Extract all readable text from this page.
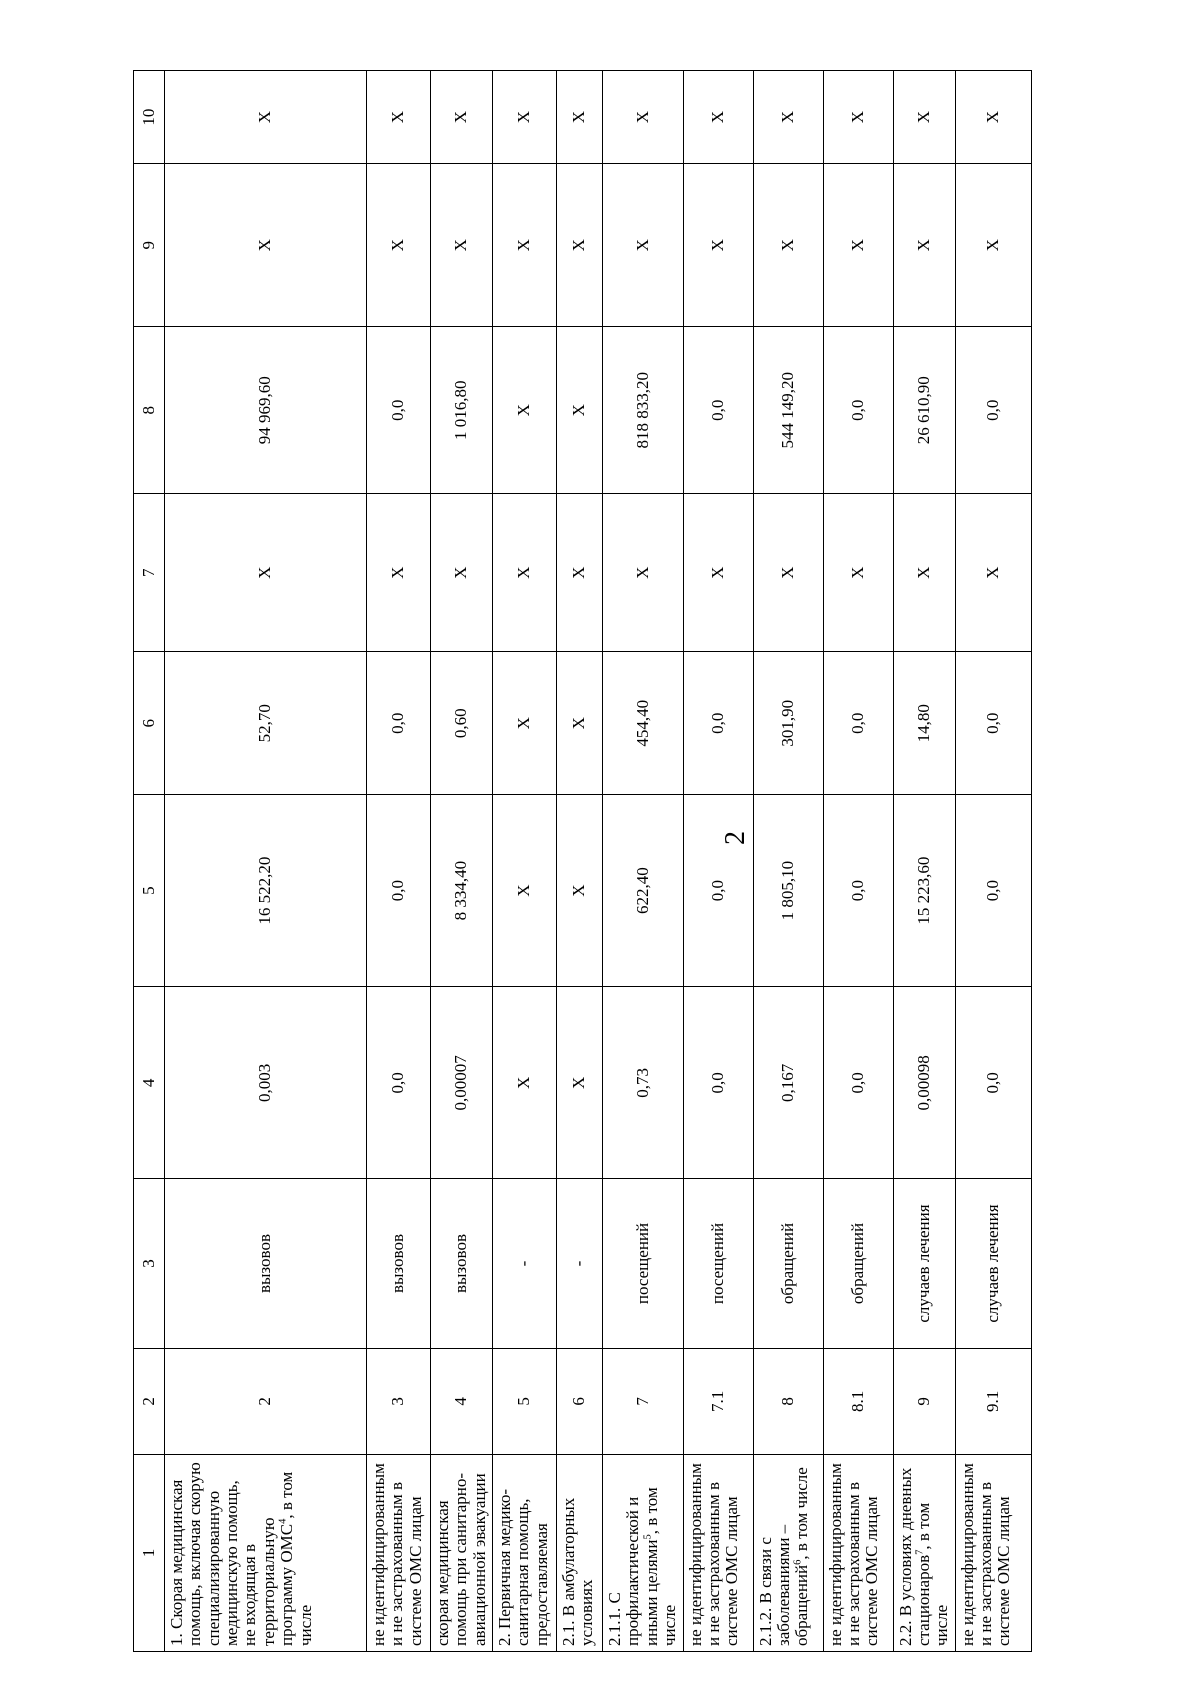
2
1	2	3	4	5	6	7	8	9	10
1. Скорая медицинская помощь, включая скорую специализированную медицинскую помощь, не входящая в территориальную программу ОМС$^4$, в том числе	2	вызовов	0,003	16 522,20	52,70	Х	94 969,60	Х	Х
не идентифицированным и не застрахованным в системе ОМС лицам	3	вызовов	0,0	0,0	0,0	Х	0,0	Х	Х
скорая медицинская помощь при санитарно-авиационной эвакуации	4	вызовов	0,00007	8 334,40	0,60	Х	1 016,80	Х	Х
2. Первичная медико-санитарная помощь, предоставляемая	5	-	Х	Х	Х	Х	Х	Х	Х
2.1. В амбулаторных условиях	6	-	Х	Х	Х	Х	Х	Х	Х
2.1.1. С профилактической и иными целями$^5$, в том числе	7	посещений	0,73	622,40	454,40	Х	818 833,20	Х	Х
не идентифицированным и не застрахованным в системе ОМС лицам	7.1	посещений	0,0	0,0	0,0	Х	0,0	Х	Х
2.1.2. В связи с заболеваниями – обращений$^6$, в том числе	8	обращений	0,167	1 805,10	301,90	Х	544 149,20	Х	Х
не идентифицированным и не застрахованным в системе ОМС лицам	8.1	обращений	0,0	0,0	0,0	Х	0,0	Х	Х
2.2. В условиях дневных стационаров$^7$, в том числе	9	случаев лечения	0,00098	15 223,60	14,80	Х	26 610,90	Х	Х
не идентифицированным и не застрахованным в системе ОМС лицам	9.1	случаев лечения	0,0	0,0	0,0	Х	0,0	Х	Х
